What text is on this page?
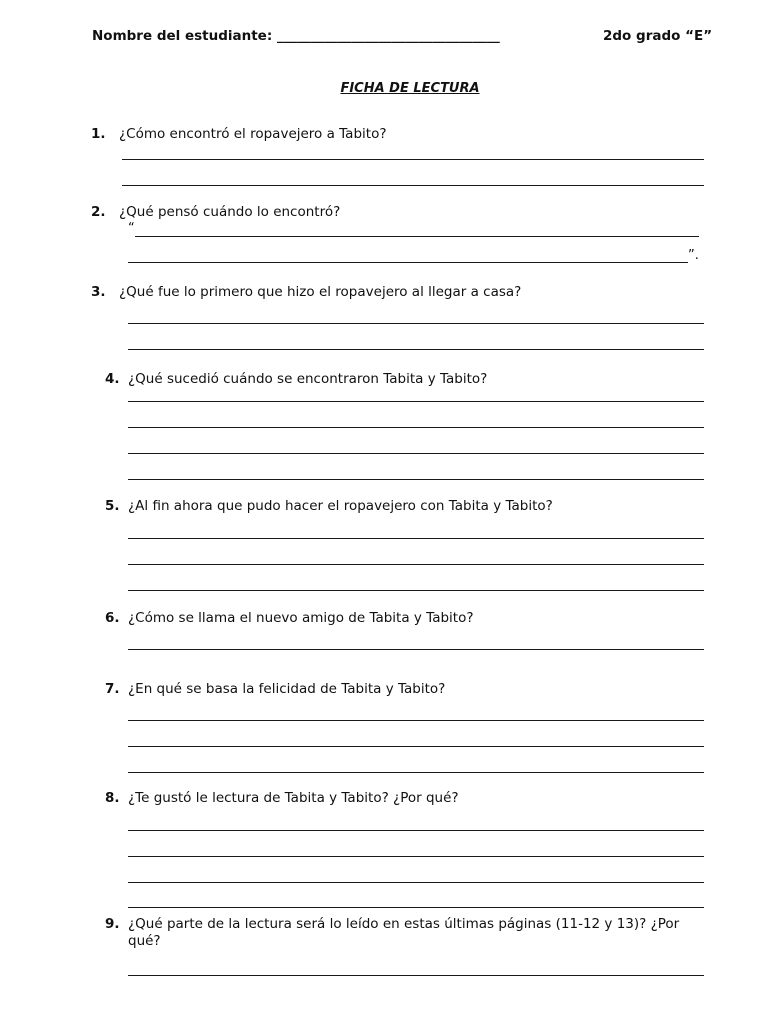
Nombre del estudiante: _________________________________	2do grado “E”
FICHA DE LECTURA
1. ¿Cómo encontró el ropavejero a Tabito?
2. ¿Qué pensó cuándo lo encontró?
“
”.
3. ¿Qué fue lo primero que hizo el ropavejero al llegar a casa?
4. ¿Qué sucedió cuándo se encontraron Tabita y Tabito?
5. ¿Al fin ahora que pudo hacer el ropavejero con Tabita y Tabito?
6. ¿Cómo se llama el nuevo amigo de Tabita y Tabito?
7. ¿En qué se basa la felicidad de Tabita y Tabito?
8. ¿Te gustó le lectura de Tabita y Tabito? ¿Por qué?
9. ¿Qué parte de la lectura será lo leído en estas últimas páginas (11-12 y 13)? ¿Por
qué?
